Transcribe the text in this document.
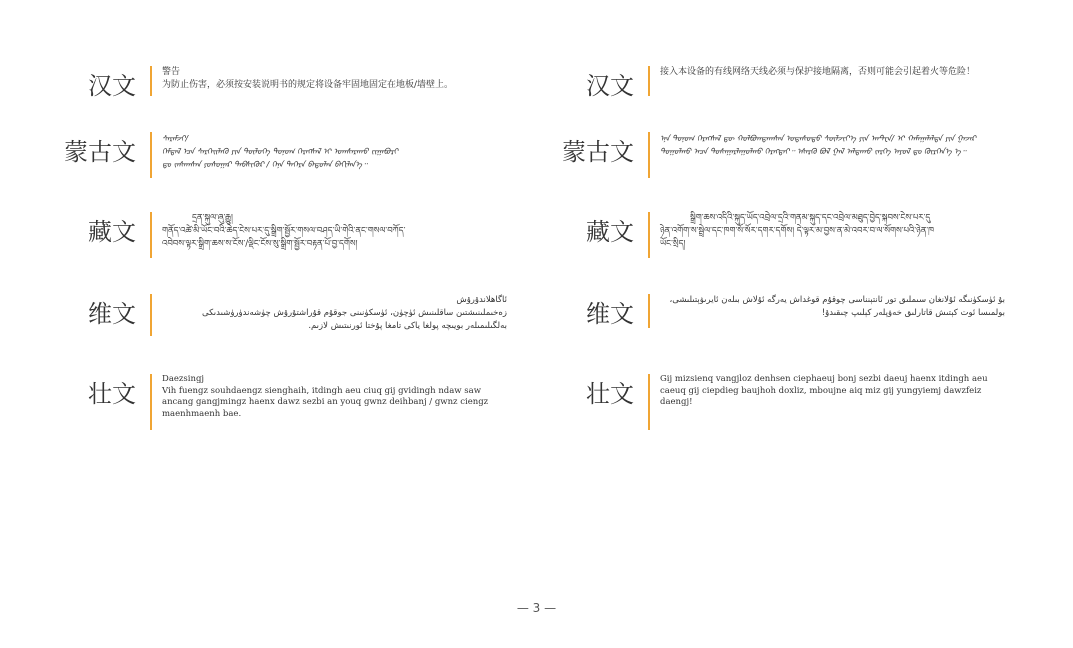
汉文	警告

为防止伤害，必须按安装说明书的规定将设备牢固地固定在地板/墙壁上。

蒙古文	ᠰᠡᠷᠡᠮᠵᠢ/

ᠭᠡᠮᠲᠡᠯ ᠡᠴᠡ ᠰᠡᠷᠭᠡᠢᠯᠡᠬᠦ ᠶᠢᠨ ᠲᠥᠯᠥᠭᠡ ᠲᠣᠨᠣᠭ ᠬᠡᠷᠡᠭᠰᠡᠯ ᠢ ᠤᠭᠰᠠᠷᠠᠬᠤ ᠵᠢᠭᠠᠪᠤᠷᠢ

ᠳᠤ ᠵᠠᠰᠠᠭᠰᠠᠨ ᠶᠣᠰᠣᠭᠠᠷ ᠳᠡᠪᠰᠢᠭᠦᠷ / ᠬᠡᠨᠡ ᠳᠡᠭᠡᠷᠡ ᠪᠠᠳᠤᠯᠠᠨ ᠪᠡᠬᠢᠯᠡᠨ᠎ᠡ᠃

藏文	དྲན་སྐུལ་ཞུ་རྒྱུ།

གནོད་འཚེ་མི་ཡོང་བའི་ཆེད་ངེས་པར་དུ་སྒྲིག་སྦྱོར་གསལ་བཤད་ཡི་གེའི་ནང་གསལ་བཀོད་

འབེབས་ལྟར་སྒྲིག་ཆས་ས་ངོས་/ལྡིང་ངོས་སུ་སྒྲིག་སྦྱོར་བརྟན་པོ་བྱ་དགོས།

维文	ئاگاھلاندۇرۇش

زەخىملىنىشتىن ساقلىنىش ئۈچۈن، ئۈسكۈنىنى جوقۇم قۇراشتۇرۇش چۈشەندۈرۈشىدىكى

بەلگىلىمىلەر بويىچە پولغا ياكى تامغا پۇختا ئورنىتىش لازىم.

壮文

Daezsingj

Vih fuengz souhdaengz sienghaih, itdingh aeu ciuq gij gvidingh ndaw saw ancang gangjmingz haenx dawz sezbi an youq gwnz deihbanj / gwnz ciengz maenhmaenh bae.

汉文	接入本设备的有线网络天线必须与保护接地隔离，否则可能会引起着火等危险！

蒙古文	ᠡᠨᠡ ᠲᠣᠨᠣᠭ ᠬᠡᠷᠡᠭᠰᠡᠯ ᠳᠦ ᠬᠣᠯᠪᠣᠭᠳᠠᠭᠰᠠᠨ ᠤᠲᠠᠰᠤᠲᠤ ᠰᠦᠯᠵᠢᠶ᠎ᠡ ᠶᠢᠨ ᠠᠨᠲᠧᠨ/ ᠢ ᠬᠠᠮᠠᠭᠠᠯᠠᠯᠲᠠ ᠶᠢᠨ ᠭᠠᠵᠠᠷ

ᠲᠤᠭᠤᠯᠬᠤ ᠠᠴᠠ ᠲᠤᠰᠠᠭᠠᠷᠯᠠᠭᠤᠯᠬᠤ ᠬᠡᠷᠡᠭᠲᠡᠶ᠃ ᠡᠰᠡᠷᠬᠦ ᠪᠣᠯ ᠭᠠᠯ ᠠᠯᠳᠠᠬᠤ ᠵᠡᠷᠭᠡ ᠠᠶᠤᠯ ᠳᠤ ᠬᠦᠷᠭᠡᠨ᠎ᠡ ᠡ᠃

藏文	སྒྲིག་ཆས་འདིའི་སྐུད་ཡོད་འབྲེལ་དྲའི་གནམ་སྐུད་དང་འབྲེལ་མཐུད་བྱེད་སྐབས་ངེས་པར་དུ

ཉེན་འགོག་ས་སྦྲེལ་དང་ཁག་སོ་སོར་དགར་དགོས། དེ་ལྟར་མ་བྱས་ན་མེ་འབར་བ་ལ་སོགས་པའི་ཉེན་ཁ

ཡོང་སྲིད།

维文	بۇ ئۈسكۈنىگە ئۇلانغان سىملىق تور ئانتېنناسى چوقۇم قوغداش يەرگە ئۇلاش بىلەن ئايرىۋېتىلىشى،

بولمىسا ئوت كېتىش قاتارلىق خەۋپلەر كېلىپ چىقىدۇ!

壮文

Gij mizsienq vangjloz denhsen ciephaeuj bonj sezbi daeuj haenx itdingh aeu caeuq gij ciepdieg baujhoh doxliz, mboujne aiq miz gij yungyiemj dawzfeiz daengj!

— 3 —
